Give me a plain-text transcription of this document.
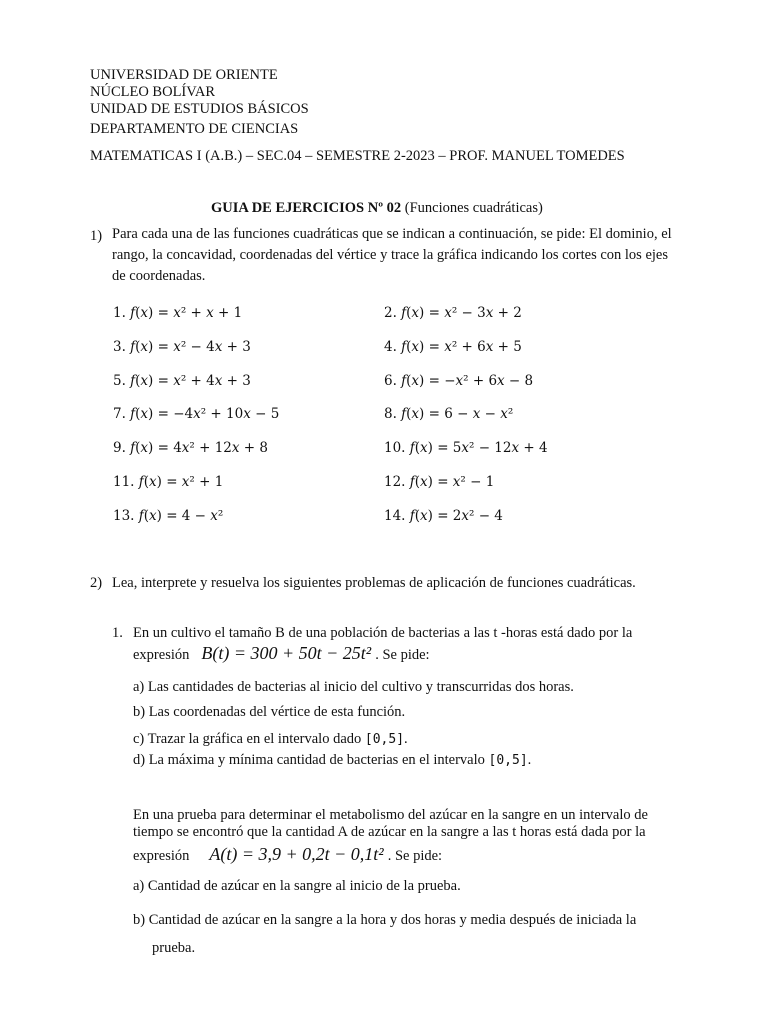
UNIVERSIDAD DE ORIENTE
NÚCLEO BOLÍVAR
UNIDAD DE ESTUDIOS BÁSICOS
DEPARTAMENTO DE CIENCIAS
MATEMATICAS I (A.B.) – SEC.04 – SEMESTRE 2-2023 – PROF. MANUEL TOMEDES
GUIA DE EJERCICIOS Nº 02 (Funciones cuadráticas)
1) Para cada una de las funciones cuadráticas que se indican a continuación, se pide: El dominio, el rango, la concavidad, coordenadas del vértice y trace la gráfica indicando los cortes con los ejes de coordenadas.
1. 𝑓(𝑥) = 𝑥² + 𝑥 + 1	2. 𝑓(𝑥) = 𝑥² − 3𝑥 + 2
3. 𝑓(𝑥) = 𝑥² − 4𝑥 + 3	4. 𝑓(𝑥) = 𝑥² + 6𝑥 + 5
5. 𝑓(𝑥) = 𝑥² + 4𝑥 + 3	6. 𝑓(𝑥) = −𝑥² + 6𝑥 − 8
7. 𝑓(𝑥) = −4𝑥² + 10𝑥 − 5	8. 𝑓(𝑥) = 6 − 𝑥 − 𝑥²
9. 𝑓(𝑥) = 4𝑥² + 12𝑥 + 8	10. 𝑓(𝑥) = 5𝑥² − 12𝑥 + 4
11. 𝑓(𝑥) = 𝑥² + 1	12. 𝑓(𝑥) = 𝑥² − 1
13. 𝑓(𝑥) = 4 − 𝑥²	14. 𝑓(𝑥) = 2𝑥² − 4
2) Lea, interprete y resuelva los siguientes problemas de aplicación de funciones cuadráticas.
1. En un cultivo el tamaño B de una población de bacterias a las t -horas está dado por la
expresión B(t) = 300 + 50t − 25t² . Se pide:
a) Las cantidades de bacterias al inicio del cultivo y transcurridas dos horas.
b) Las coordenadas del vértice de esta función.
c) Trazar la gráfica en el intervalo dado [0,5].
d) La máxima y mínima cantidad de bacterias en el intervalo [0,5].
En una prueba para determinar el metabolismo del azúcar en la sangre en un intervalo de
tiempo se encontró que la cantidad A de azúcar en la sangre a las t horas está dada por la
expresión A(t) = 3,9 + 0,2t − 0,1t² . Se pide:
a) Cantidad de azúcar en la sangre al inicio de la prueba.
b) Cantidad de azúcar en la sangre a la hora y dos horas y media después de iniciada la
prueba.
